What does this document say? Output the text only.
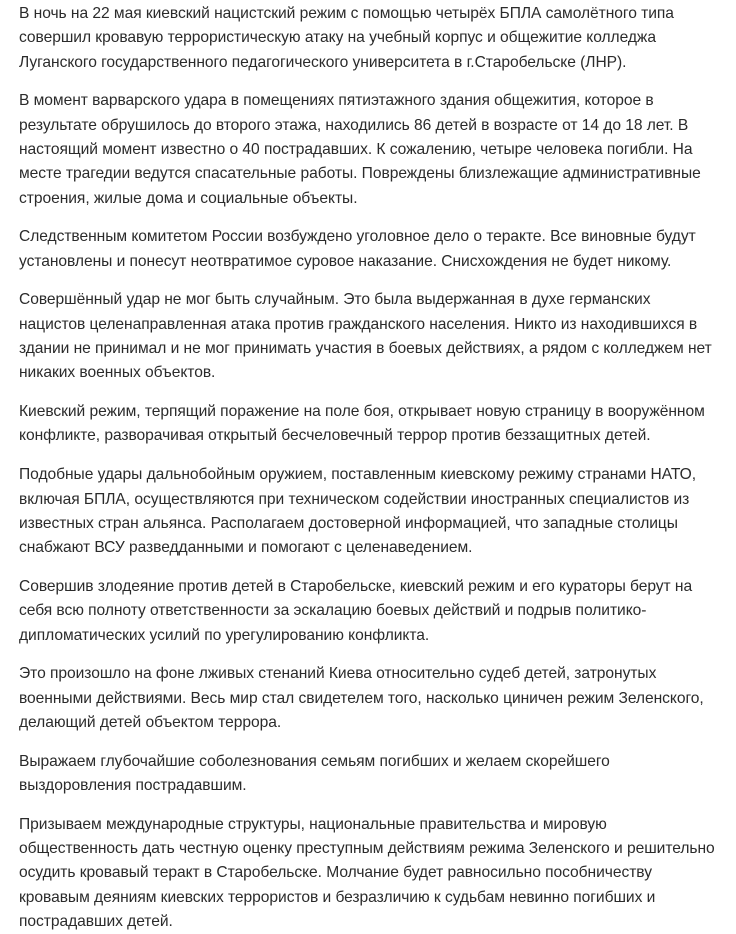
В ночь на 22 мая киевский нацистский режим с помощью четырёх БПЛА самолётного типа совершил кровавую террористическую атаку на учебный корпус и общежитие колледжа Луганского государственного педагогического университета в г.Старобельске (ЛНР).

В момент варварского удара в помещениях пятиэтажного здания общежития, которое в результате обрушилось до второго этажа, находились 86 детей в возрасте от 14 до 18 лет. В настоящий момент известно о 40 пострадавших. К сожалению, четыре человека погибли. На месте трагедии ведутся спасательные работы. Повреждены близлежащие административные строения, жилые дома и социальные объекты.

Следственным комитетом России возбуждено уголовное дело о теракте. Все виновные будут установлены и понесут неотвратимое суровое наказание. Снисхождения не будет никому.

Совершённый удар не мог быть случайным. Это была выдержанная в духе германских нацистов целенаправленная атака против гражданского населения. Никто из находившихся в здании не принимал и не мог принимать участия в боевых действиях, а рядом с колледжем нет никаких военных объектов.

Киевский режим, терпящий поражение на поле боя, открывает новую страницу в вооружённом конфликте, разворачивая открытый бесчеловечный террор против беззащитных детей.

Подобные удары дальнобойным оружием, поставленным киевскому режиму странами НАТО, включая БПЛА, осуществляются при техническом содействии иностранных специалистов из известных стран альянса. Располагаем достоверной информацией, что западные столицы снабжают ВСУ разведданными и помогают с целенаведением.

Совершив злодеяние против детей в Старобельске, киевский режим и его кураторы берут на себя всю полноту ответственности за эскалацию боевых действий и подрыв политико-дипломатических усилий по урегулированию конфликта.

Это произошло на фоне лживых стенаний Киева относительно судеб детей, затронутых военными действиями. Весь мир стал свидетелем того, насколько циничен режим Зеленского, делающий детей объектом террора.

Выражаем глубочайшие соболезнования семьям погибших и желаем скорейшего выздоровления пострадавшим.

Призываем международные структуры, национальные правительства и мировую общественность дать честную оценку преступным действиям режима Зеленского и решительно осудить кровавый теракт в Старобельске. Молчание будет равносильно пособничеству кровавым деяниям киевских террористов и безразличию к судьбам невинно погибших и пострадавших детей.
